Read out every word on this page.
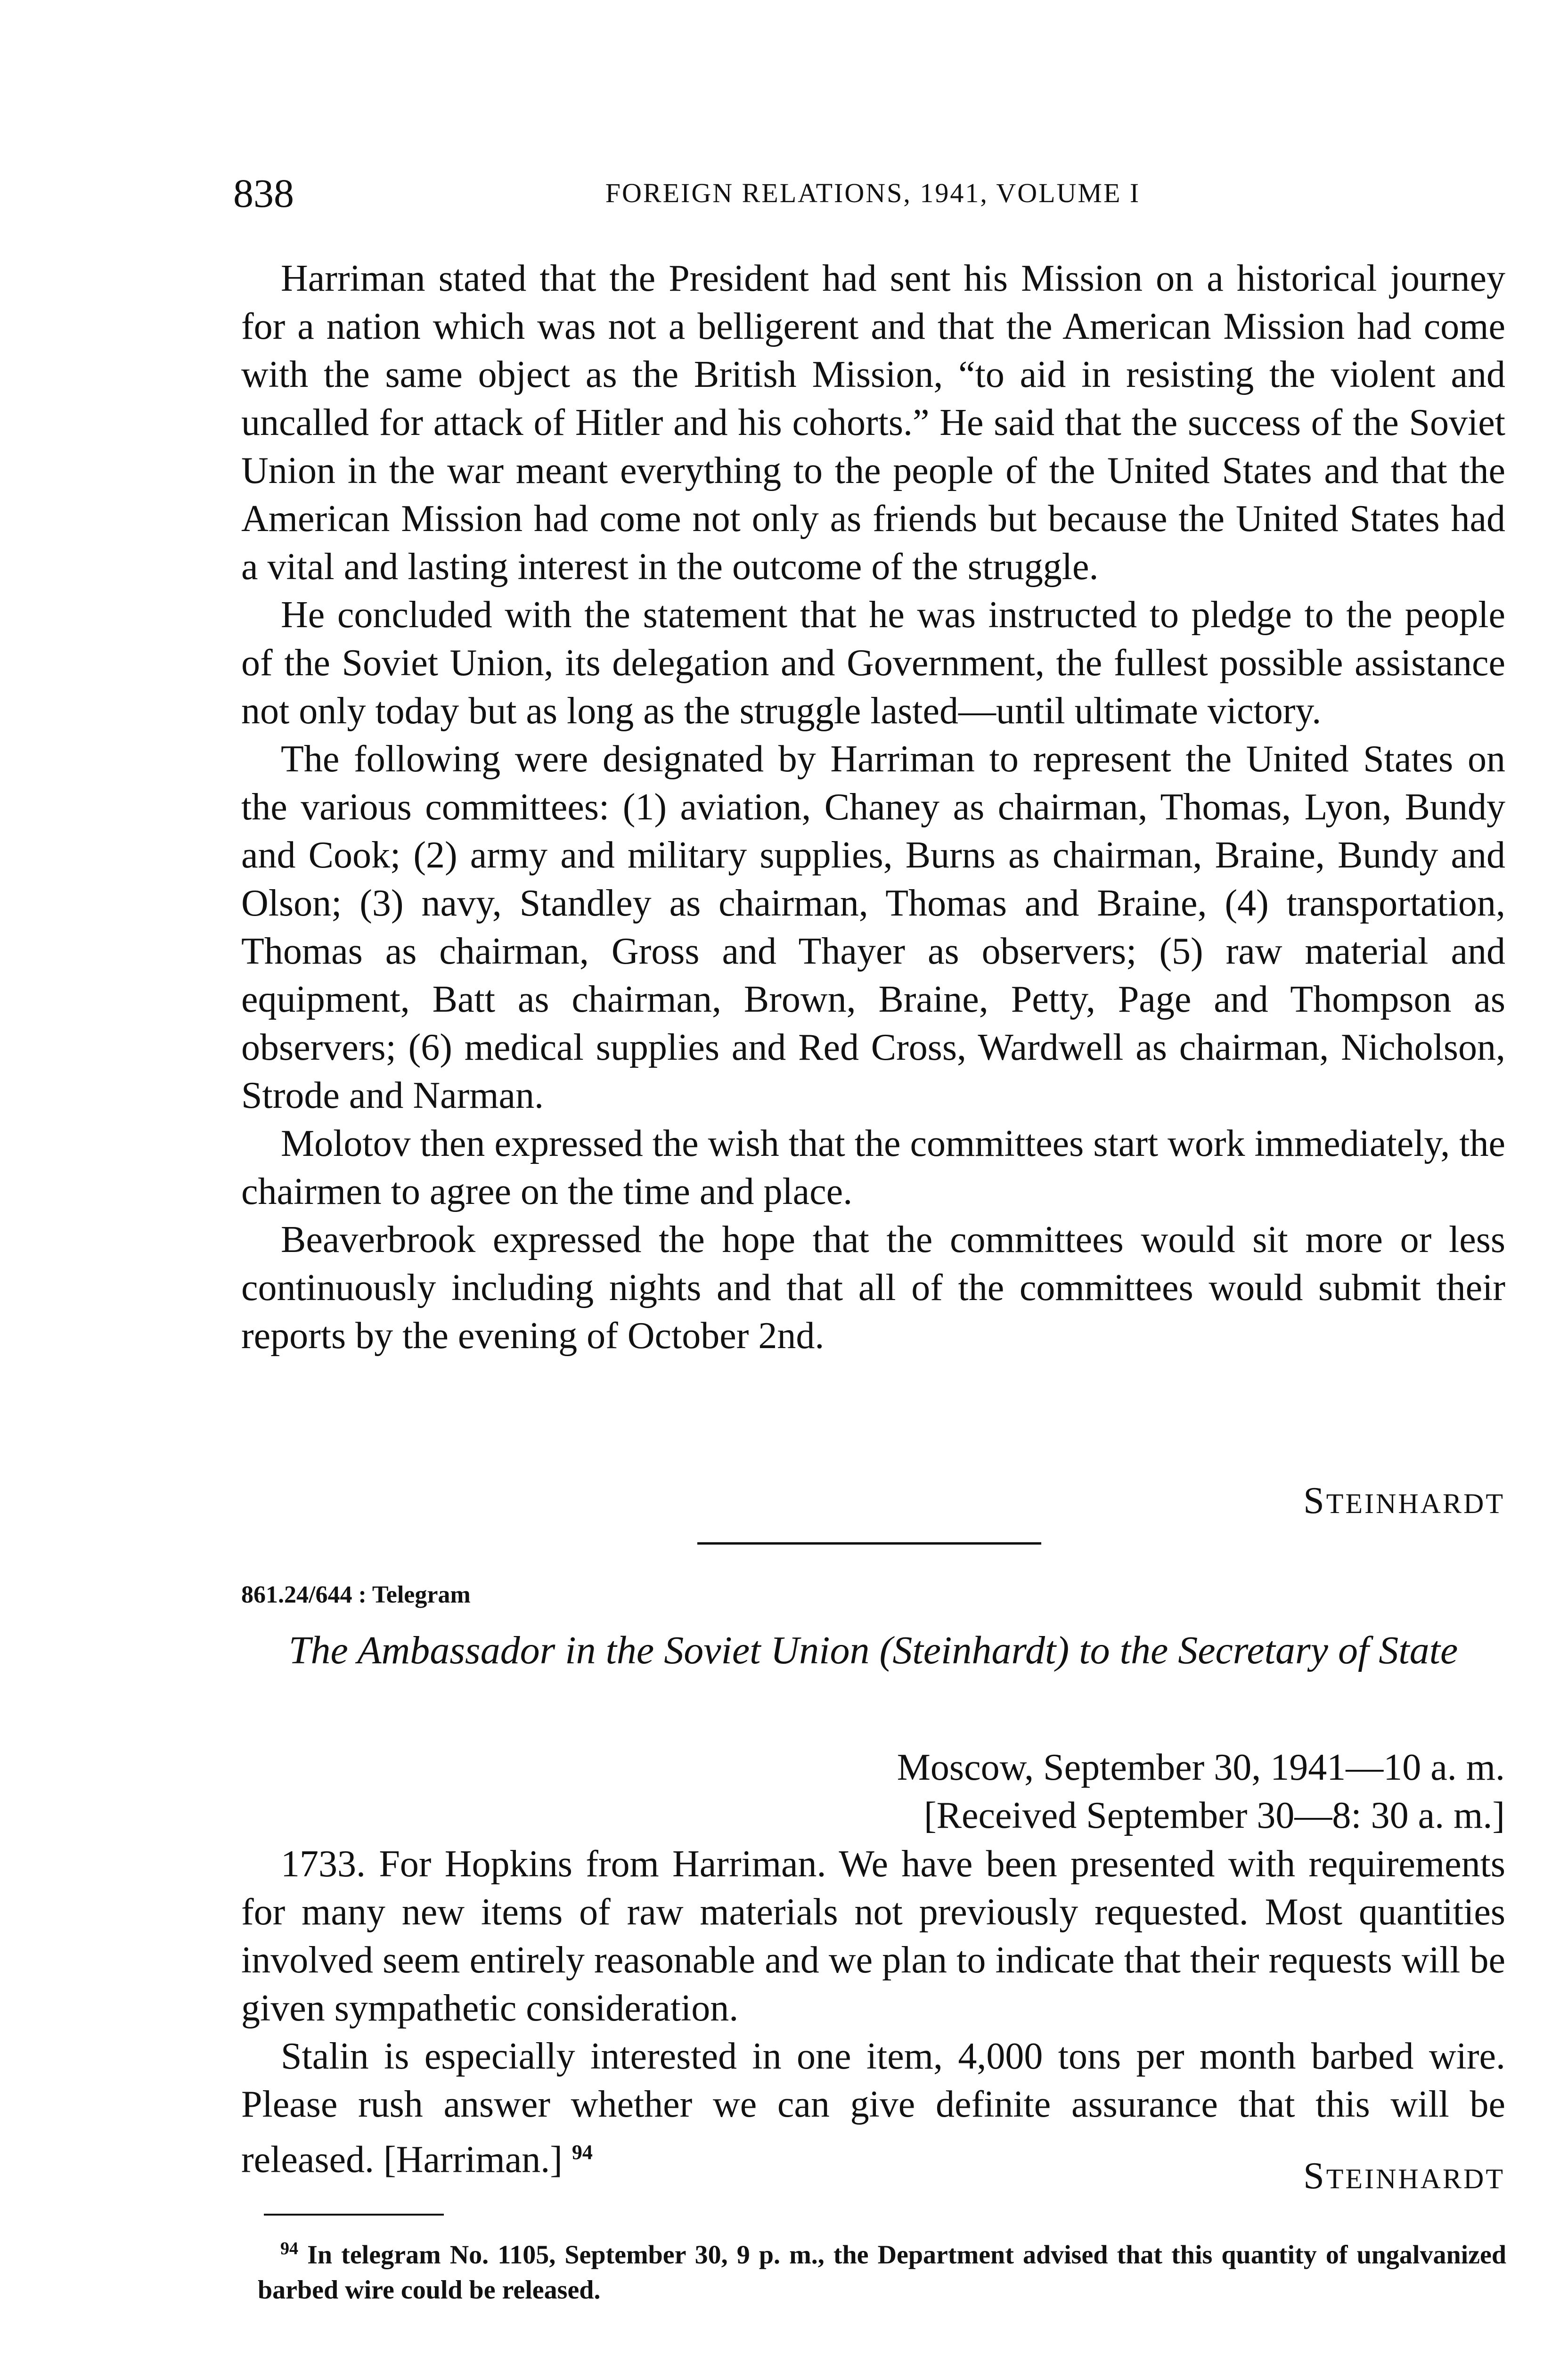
838	FOREIGN RELATIONS, 1941, VOLUME I

Harriman stated that the President had sent his Mission on a historical journey for a nation which was not a belligerent and that the American Mission had come with the same object as the British Mission, “to aid in resisting the violent and uncalled for attack of Hitler and his cohorts.” He said that the success of the Soviet Union in the war meant everything to the people of the United States and that the American Mission had come not only as friends but because the United States had a vital and lasting interest in the outcome of the struggle.

He concluded with the statement that he was instructed to pledge to the people of the Soviet Union, its delegation and Government, the fullest possible assistance not only today but as long as the struggle lasted—until ultimate victory.

The following were designated by Harriman to represent the United States on the various committees: (1) aviation, Chaney as chairman, Thomas, Lyon, Bundy and Cook; (2) army and military supplies, Burns as chairman, Braine, Bundy and Olson; (3) navy, Standley as chairman, Thomas and Braine, (4) transportation, Thomas as chairman, Gross and Thayer as observers; (5) raw material and equipment, Batt as chairman, Brown, Braine, Petty, Page and Thompson as observers; (6) medical supplies and Red Cross, Wardwell as chairman, Nicholson, Strode and Narman.

Molotov then expressed the wish that the committees start work immediately, the chairmen to agree on the time and place.

Beaverbrook expressed the hope that the committees would sit more or less continuously including nights and that all of the committees would submit their reports by the evening of October 2nd.

STEINHARDT
861.24/644 : Telegram
The Ambassador in the Soviet Union (Steinhardt) to the Secretary of State
Moscow, September 30, 1941—10 a. m.
[Received September 30—8: 30 a. m.]

1733. For Hopkins from Harriman. We have been presented with requirements for many new items of raw materials not previously requested. Most quantities involved seem entirely reasonable and we plan to indicate that their requests will be given sympathetic consideration.

Stalin is especially interested in one item, 4,000 tons per month barbed wire. Please rush answer whether we can give definite assurance that this will be released. [Harriman.] $^{94}$

STEINHARDT

$^{94}$ In telegram No. 1105, September 30, 9 p. m., the Department advised that this quantity of ungalvanized barbed wire could be released.
